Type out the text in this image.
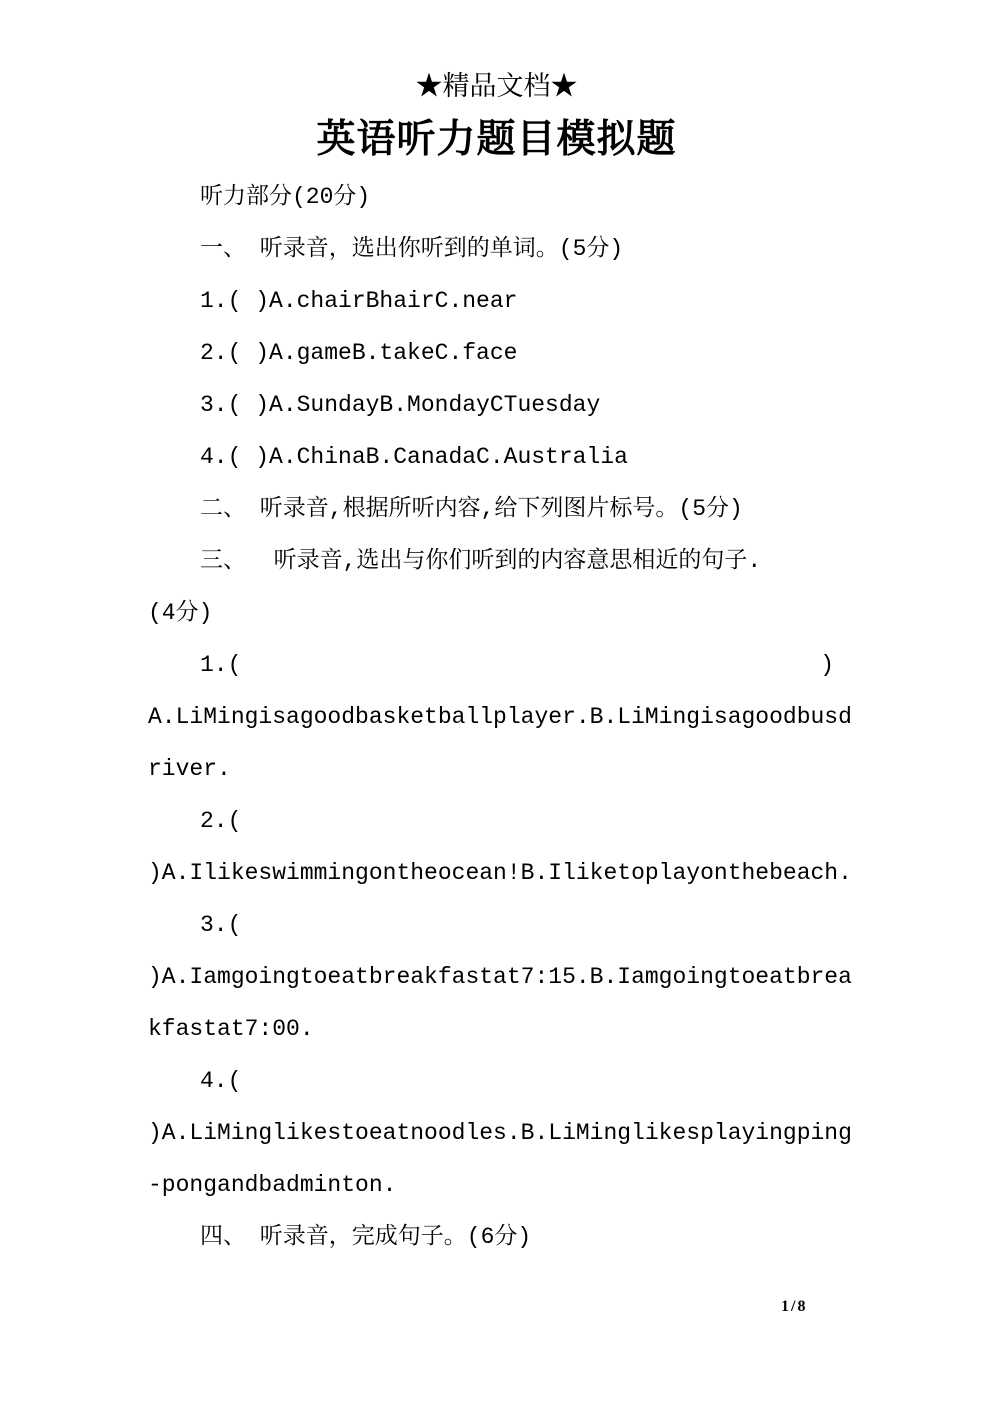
★精品文档★
英语听力题目模拟题
听力部分(20分)
一、 听录音，选出你听到的单词。(5分)
1.( )A.chairBhairC.near
2.( )A.gameB.takeC.face
3.( )A.SundayB.MondayCTuesday
4.( )A.ChinaB.CanadaC.Australia
二、 听录音,根据所听内容,给下列图片标号。(5分)
三、  听录音,选出与你们听到的内容意思相近的句子.
(4分)
1.(	)
A.LiMingisagoodbasketballplayer.B.LiMingisagoodbusd
river.
2.(
)A.Ilikeswimmingontheocean!B.Iliketoplayonthebeach.
3.(
)A.Iamgoingtoeatbreakfastat7:15.B.Iamgoingtoeatbrea
kfastat7:00.
4.(
)A.LiMinglikestoeatnoodles.B.LiMinglikesplayingping
-pongandbadminton.
四、 听录音，完成句子。(6分)
1/8
